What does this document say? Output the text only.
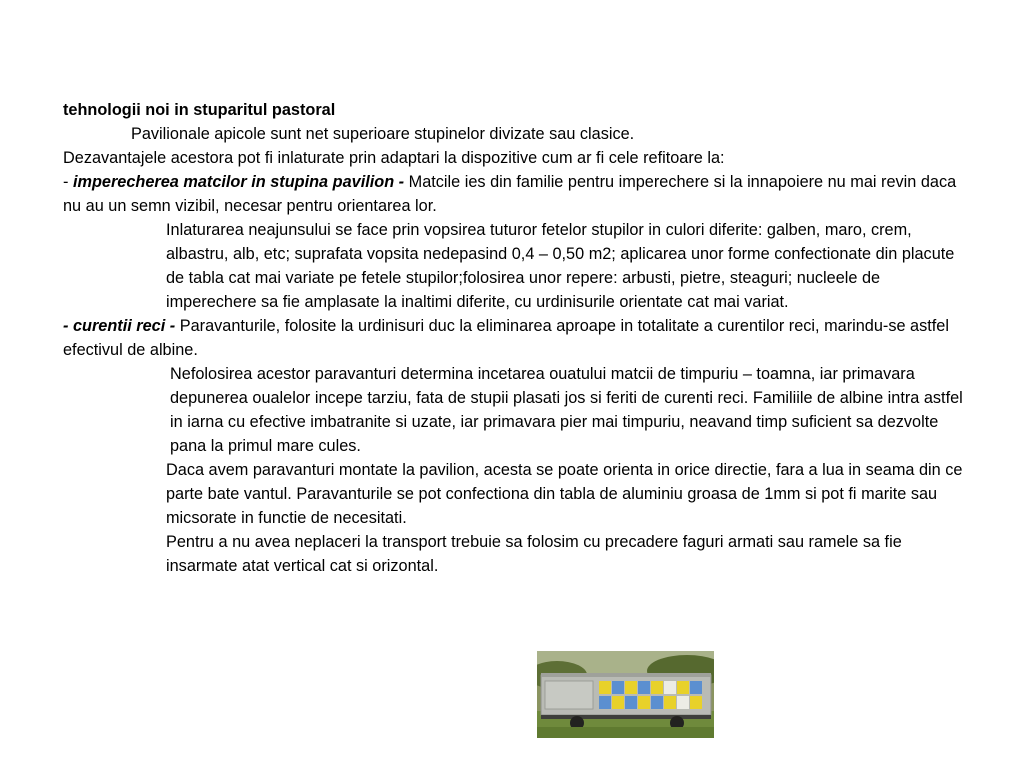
tehnologii noi in stuparitul pastoral

Pavilionale apicole sunt net superioare stupinelor divizate sau clasice.

Dezavantajele acestora pot fi inlaturate prin adaptari la dispozitive cum ar fi cele refitoare la:

- imperecherea matcilor in stupina pavilion - Matcile ies din familie pentru imperechere si la innapoiere nu mai revin daca nu au un semn vizibil, necesar pentru orientarea lor.

Inlaturarea neajunsului se face prin vopsirea tuturor fetelor stupilor in culori diferite: galben, maro, crem, albastru, alb, etc; suprafata vopsita nedepasind 0,4 – 0,50 m2; aplicarea unor forme confectionate din placute de tabla cat mai variate pe fetele stupilor;folosirea unor repere: arbusti, pietre, steaguri; nucleele de imperechere sa fie amplasate la inaltimi diferite, cu urdinisurile orientate cat mai variat.

- curentii reci - Paravanturile, folosite la urdinisuri duc la eliminarea aproape in totalitate a curentilor reci, marindu-se astfel efectivul de albine.

Nefolosirea acestor paravanturi determina incetarea ouatului matcii de timpuriu – toamna, iar primavara depunerea oualelor incepe tarziu, fata de stupii plasati jos si feriti de curenti reci. Familiile de albine intra astfel in iarna cu efective imbatranite si uzate, iar primavara pier mai timpuriu, neavand timp suficient sa dezvolte pana la primul mare cules.

Daca avem paravanturi montate la pavilion, acesta se poate orienta in orice directie, fara a lua in seama din ce parte bate vantul. Paravanturile se pot confectiona din tabla de aluminiu groasa de 1mm si pot fi marite sau micsorate in functie de necesitati.

Pentru a nu avea neplaceri la transport trebuie sa folosim cu precadere faguri armati sau ramele sa fie insarmate atat vertical cat si orizontal.
